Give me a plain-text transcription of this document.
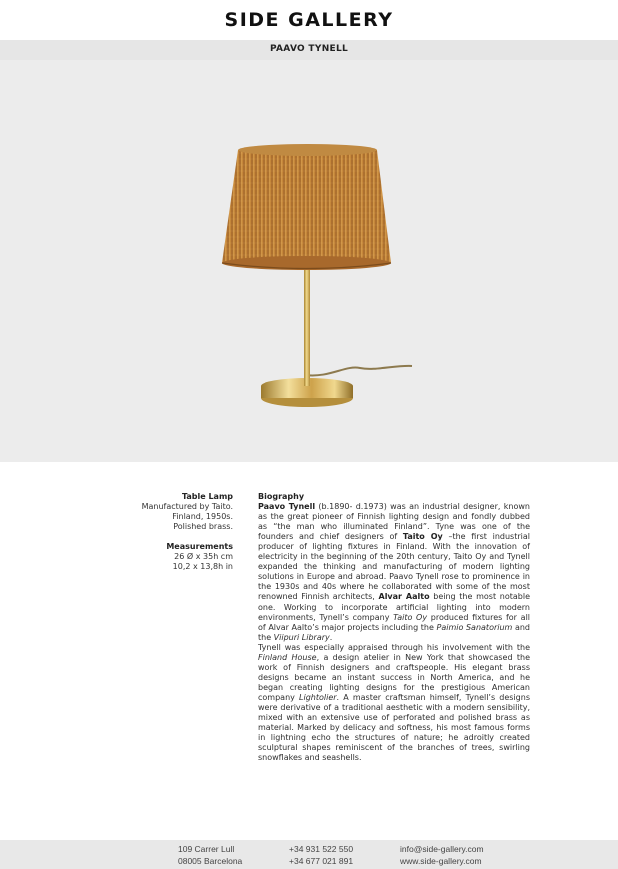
SIDE GALLERY
PAAVO TYNELL
Table Lamp
Manufactured by Taito.
Finland, 1950s.
Polished brass.
Measurements
26 Ø x 35h cm
10,2 x 13,8h in
Biography
Paavo Tynell (b.1890- d.1973) was an industrial designer, known as the great pioneer of Finnish lighting design and fondly dubbed as “the man who illuminated Finland”. Tyne was one of the founders and chief designers of Taito Oy –the first industrial producer of lighting fixtures in Finland. With the innovation of electricity in the beginning of the 20th century, Taito Oy and Tynell expanded the thinking and manufacturing of modern lighting solutions in Europe and abroad. Paavo Tynell rose to prominence in the 1930s and 40s where he collaborated with some of the most renowned Finnish architects, Alvar Aalto being the most notable one. Working to incorporate artificial lighting into modern environments, Tynell’s company Taito Oy produced fixtures for all of Alvar Aalto’s major projects including the Paimio Sanatorium and the Viipuri Library.
Tynell was especially appraised through his involvement with the Finland House, a design atelier in New York that showcased the work of Finnish designers and craftspeople. His elegant brass designs became an instant success in North America, and he began creating lighting designs for the prestigious American company Lightolier. A master craftsman himself, Tynell’s designs were derivative of a traditional aesthetic with a modern sensibility, mixed with an extensive use of perforated and polished brass as material. Marked by delicacy and softness, his most famous forms in lightning echo the structures of nature; he adroitly created sculptural shapes reminiscent of the branches of trees, swirling snowflakes and seashells.
109 Carrer Lull
08005 Barcelona
+34 931 522 550
+34 677 021 891
info@side-gallery.com
www.side-gallery.com
